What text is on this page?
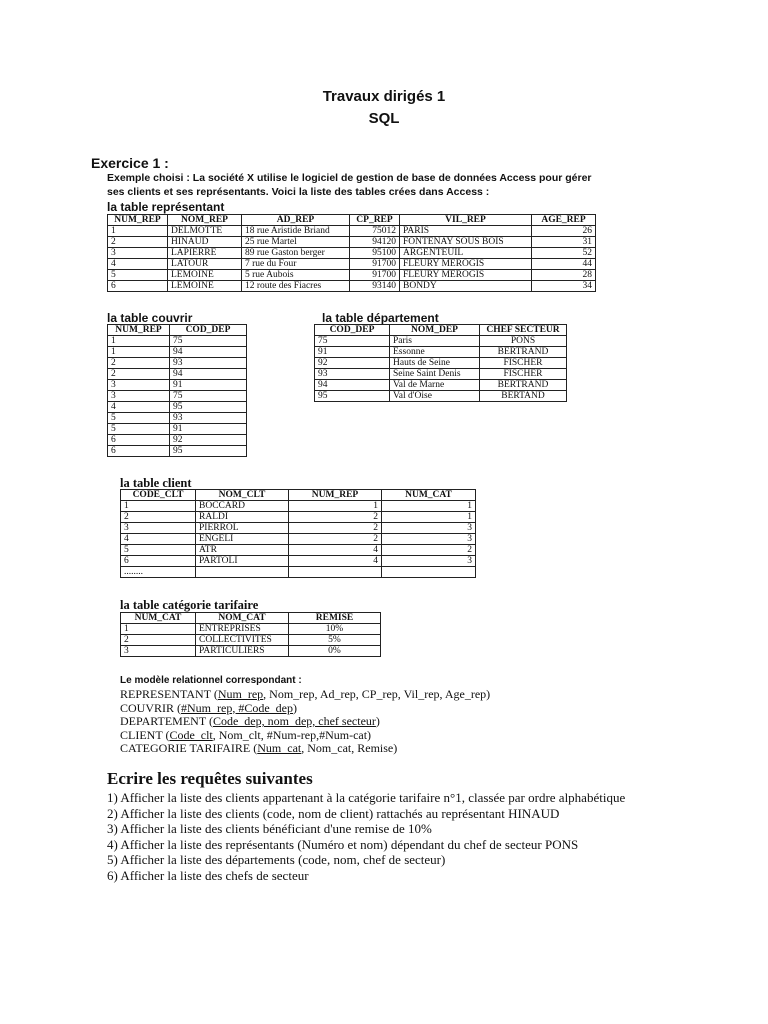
Travaux dirigés 1
SQL
Exercice 1 :
Exemple choisi : La société X utilise le logiciel de gestion de base de données Access pour gérer ses clients et ses représentants. Voici la liste des tables crées dans Access :
la table représentant
NUM_REP	NOM_REP	AD_REP	CP_REP	VIL_REP	AGE_REP
1	DELMOTTE	18 rue Aristide Briand	75012	PARIS	26
2	HINAUD	25 rue Martel	94120	FONTENAY SOUS BOIS	31
3	LAPIERRE	89 rue Gaston berger	95100	ARGENTEUIL	52
4	LATOUR	7 rue du Four	91700	FLEURY MEROGIS	44
5	LEMOINE	5 rue Aubois	91700	FLEURY MEROGIS	28
6	LEMOINE	12 route des Fiacres	93140	BONDY	34
la table couvrir
NUM_REP	COD_DEP
1	75
1	94
2	93
2	94
3	91
3	75
4	95
5	93
5	91
6	92
6	95
la table département
COD_DEP	NOM_DEP	CHEF SECTEUR
75	Paris	PONS
91	Essonne	BERTRAND
92	Hauts de Seine	FISCHER
93	Seine Saint Denis	FISCHER
94	Val de Marne	BERTRAND
95	Val d'Oise	BERTAND
la table client
CODE_CLT	NOM_CLT	NUM_REP	NUM_CAT
1	BOCCARD	1	1
2	RALDI	2	1
3	PIERROL	2	3
4	ENGELI	2	3
5	ATR	4	2
6	PARTOLI	4	3
........			
la table catégorie tarifaire
NUM_CAT	NOM_CAT	REMISE
1	ENTREPRISES	10%
2	COLLECTIVITES	5%
3	PARTICULIERS	0%
Le modèle relationnel correspondant :
REPRESENTANT (Num_rep, Nom_rep, Ad_rep, CP_rep, Vil_rep, Age_rep)
COUVRIR (#Num_rep, #Code_dep)
DEPARTEMENT (Code_dep, nom_dep, chef secteur)
CLIENT (Code_clt, Nom_clt, #Num-rep,#Num-cat)
CATEGORIE TARIFAIRE (Num_cat, Nom_cat, Remise)
Ecrire les requêtes suivantes
1) Afficher la liste des clients appartenant à la catégorie tarifaire n°1, classée par ordre alphabétique
2) Afficher la liste des clients (code, nom de client) rattachés au représentant HINAUD
3) Afficher la liste des clients bénéficiant d'une remise de 10%
4) Afficher la liste des représentants (Numéro et nom) dépendant du chef de secteur PONS
5) Afficher la liste des départements (code, nom, chef de secteur)
6) Afficher la liste des chefs de secteur
